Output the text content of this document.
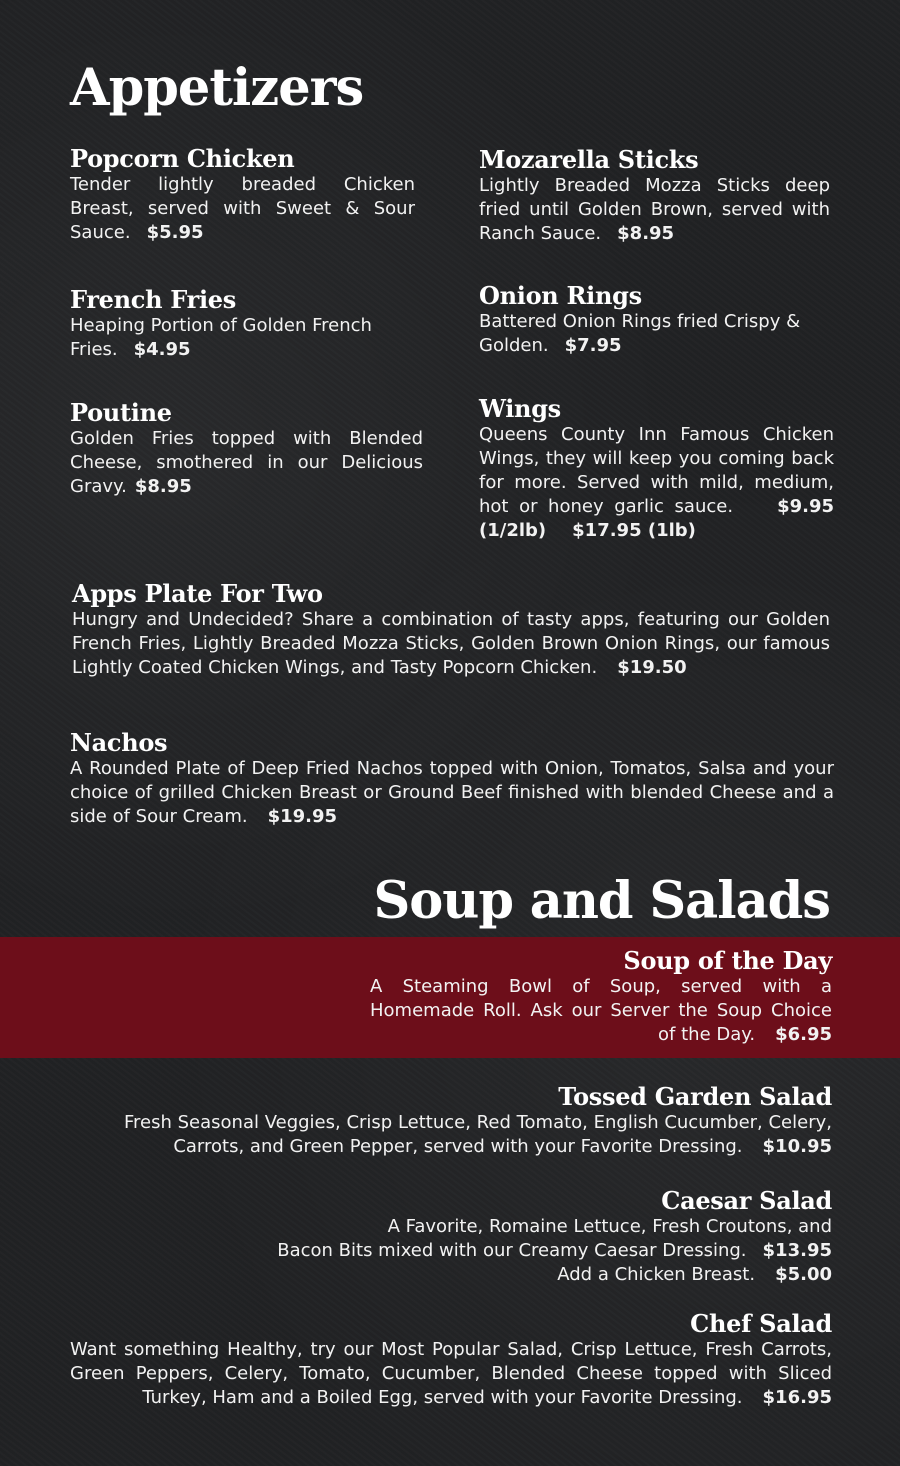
Appetizers
Popcorn Chicken

Tender lightly breaded Chicken Breast, served with Sweet & Sour Sauce. $5.95

Mozarella Sticks

Lightly Breaded Mozza Sticks deep fried until Golden Brown, served with Ranch Sauce. $8.95

French Fries

Heaping Portion of Golden French Fries. $4.95

Onion Rings

Battered Onion Rings fried Crispy & Golden. $7.95

Poutine

Golden Fries topped with Blended Cheese, smothered in our Delicious Gravy. $8.95

Wings

Queens County Inn Famous Chicken Wings, they will keep you coming back for more. Served with mild, medium, hot or honey garlic sauce. $9.95 (1/2lb) $17.95 (1lb)

Apps Plate For Two

Hungry and Undecided? Share a combination of tasty apps, featuring our Golden French Fries, Lightly Breaded Mozza Sticks, Golden Brown Onion Rings, our famous Lightly Coated Chicken Wings, and Tasty Popcorn Chicken. $19.50

Nachos

A Rounded Plate of Deep Fried Nachos topped with Onion, Tomatos, Salsa and your choice of grilled Chicken Breast or Ground Beef finished with blended Cheese and a side of Sour Cream. $19.95

Soup and Salads
Soup of the Day

A Steaming Bowl of Soup, served with a Homemade Roll. Ask our Server the Soup Choice of the Day. $6.95

Tossed Garden Salad

Fresh Seasonal Veggies, Crisp Lettuce, Red Tomato, English Cucumber, Celery, Carrots, and Green Pepper, served with your Favorite Dressing. $10.95

Caesar Salad

A Favorite, Romaine Lettuce, Fresh Croutons, and
Bacon Bits mixed with our Creamy Caesar Dressing. $13.95
Add a Chicken Breast. $5.00

Chef Salad

Want something Healthy, try our Most Popular Salad, Crisp Lettuce, Fresh Carrots, Green Peppers, Celery, Tomato, Cucumber, Blended Cheese topped with Sliced Turkey, Ham and a Boiled Egg, served with your Favorite Dressing. $16.95
